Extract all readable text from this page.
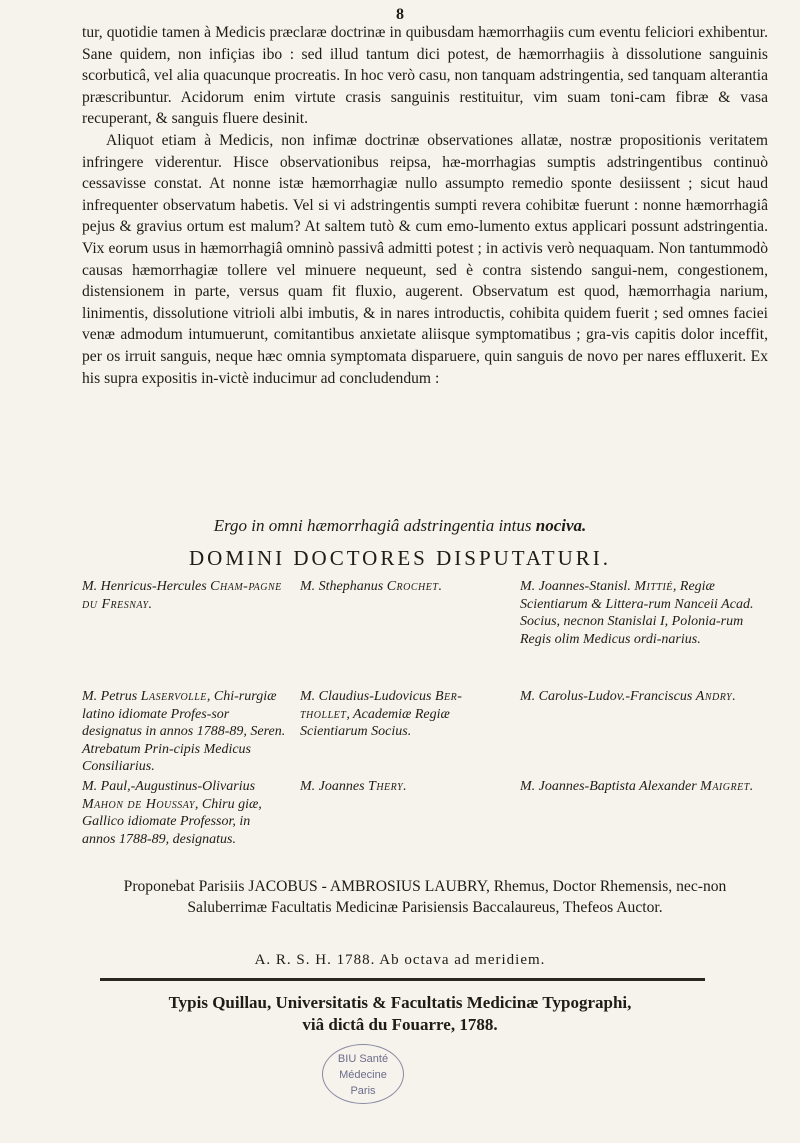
8

tur, quotidie tamen à Medicis præclaræ doctrinæ in quibusdam hæmorrhagiis cum eventu feliciori exhibentur. Sane quidem, non infiçias ibo : sed illud tantum dici potest, de hæmorrhagiis à dissolutione sanguinis scorbuticâ, vel alia quacunque procreatis. In hoc verò casu, non tanquam adstringentia, sed tanquam alterantia præscribuntur. Acidorum enim virtute crasis sanguinis restituitur, vim suam toni-cam fibræ & vasa recuperant, & sanguis fluere desinit.

Aliquot etiam à Medicis, non infimæ doctrinæ observationes allatæ, nostræ propositionis veritatem infringere viderentur. Hisce observationibus reipsa, hæ-morrhagias sumptis adstringentibus continuò cessavisse constat. At nonne istæ hæmorrhagiæ nullo assumpto remedio sponte desiissent ; sicut haud infrequenter observatum habetis. Vel si vi adstringentis sumpti revera cohibitæ fuerunt : nonne hæmorrhagiâ pejus & gravius ortum est malum? At saltem tutò & cum emo-lumento extus applicari possunt adstringentia. Vix eorum usus in hæmorrhagiâ omninò passivâ admitti potest ; in activis verò nequaquam. Non tantummodò causas hæmorrhagiæ tollere vel minuere nequeunt, sed è contra sistendo sangui-nem, congestionem, distensionem in parte, versus quam fit fluxio, augerent. Observatum est quod, hæmorrhagia narium, linimentis, dissolutione vitrioli albi imbutis, & in nares introductis, cohibita quidem fuerit ; sed omnes faciei venæ admodum intumuerunt, comitantibus anxietate aliisque symptomatibus ; gra-vis capitis dolor inceffit, per os irruit sanguis, neque hæc omnia symptomata disparuere, quin sanguis de novo per nares effluxerit. Ex his supra expositis in-victè inducimur ad concludendum :

Ergo in omni hæmorrhagiâ adstringentia intus nociva.
DOMINI DOCTORES DISPUTATURI.
M. Henricus-Hercules Cham-pagne du Fresnay.
M. Petrus Laservolle, Chi-rurgiæ latino idiomate Profes-sor designatus in annos 1788-89, Seren. Atrebatum Prin-cipis Medicus Consiliarius.
M. Paul,-Augustinus-Olivarius Mahon de Houssay, Chiru giæ, Gallico idiomate Professor, in annos 1788-89, designatus.
M. Sthephanus Crochet.
M. Claudius-Ludovicus Ber-thollet, Academiæ Regiæ Scientiarum Socius.
M. Joannes Thery.
M. Joannes-Stanisl. Mittié, Regiæ Scientiarum & Littera-rum Nanceii Acad. Socius, necnon Stanislai I, Polonia-rum Regis olim Medicus ordi-narius.
M. Carolus-Ludov.-Franciscus Andry.
M. Joannes-Baptista Alexander Maigret.
Proponebat Parisiis JACOBUS - AMBROSIUS LAUBRY, Rhemus, Doctor Rhemensis, nec-non Saluberrimæ Facultatis Medicinæ Parisiensis Baccalaureus, Thefeos Auctor.
A. R. S. H. 1788. Ab octava ad meridiem.
Typis Quillau, Universitatis & Facultatis Medicinæ Typographi,
viâ dictâ du Fouarre, 1788.
BIU Santé
Médecine
Paris
